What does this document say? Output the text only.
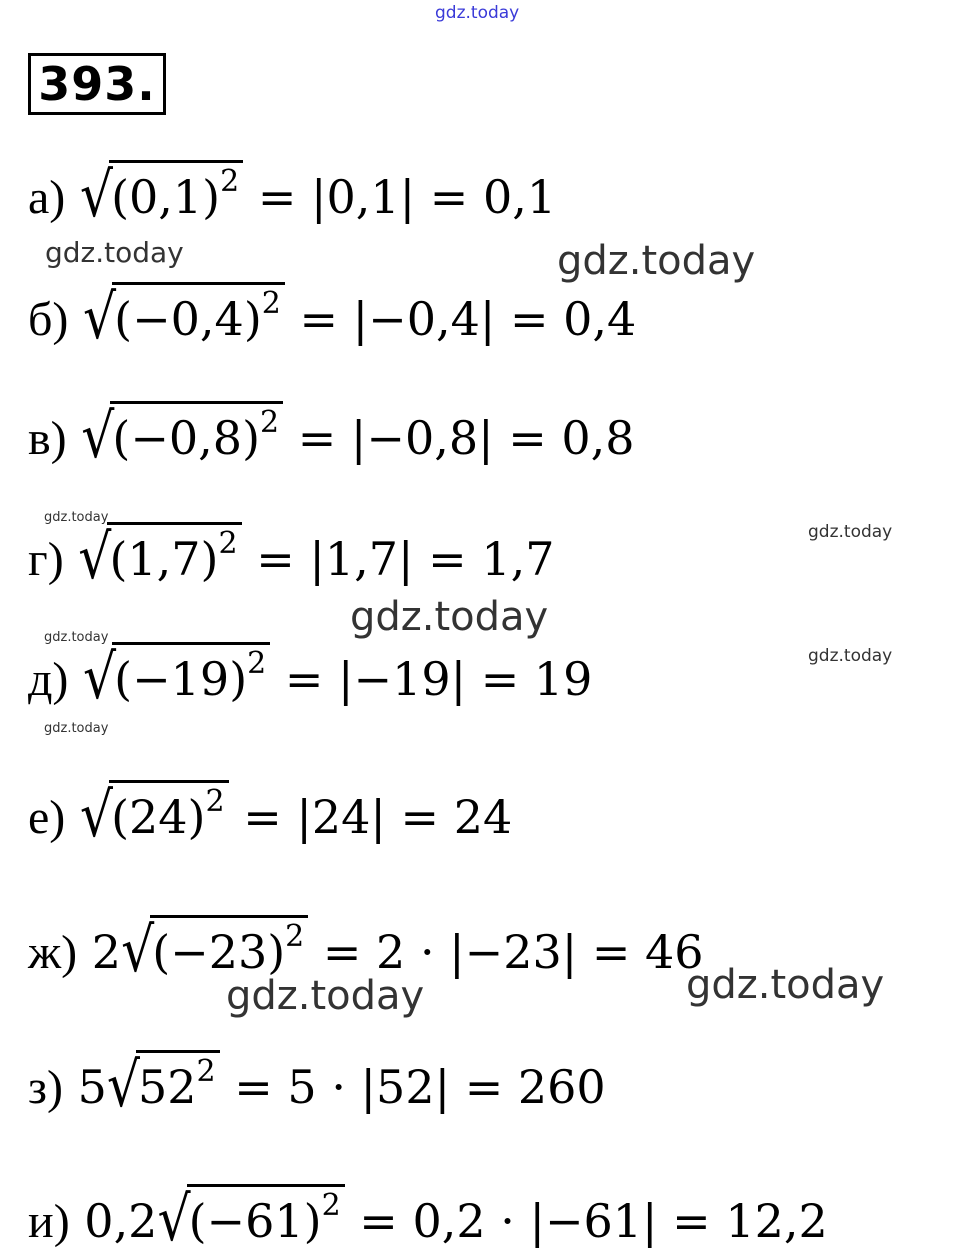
gdz.today
393.
а) $√(0,1)^2 = |0,1| = 0,1$
gdz.today	gdz.today
б) $√(-0,4)^2 = |-0,4| = 0,4$
в) $√(-0,8)^2 = |-0,8| = 0,8$
gdz.today
gdz.today
г) $√(1,7)^2 = |1,7| = 1,7$
gdz.today
gdz.today
gdz.today
д) $√(-19)^2 = |-19| = 19$
gdz.today
е) $√(24)^2 = |24| = 24$
ж) $2√(-23)^2 = 2 \cdot |-23| = 46$
gdz.today	gdz.today
з) $5√52^2 = 5 \cdot |52| = 260$
и) $0,2√(-61)^2 = 0,2 \cdot |-61| = 12,2$
